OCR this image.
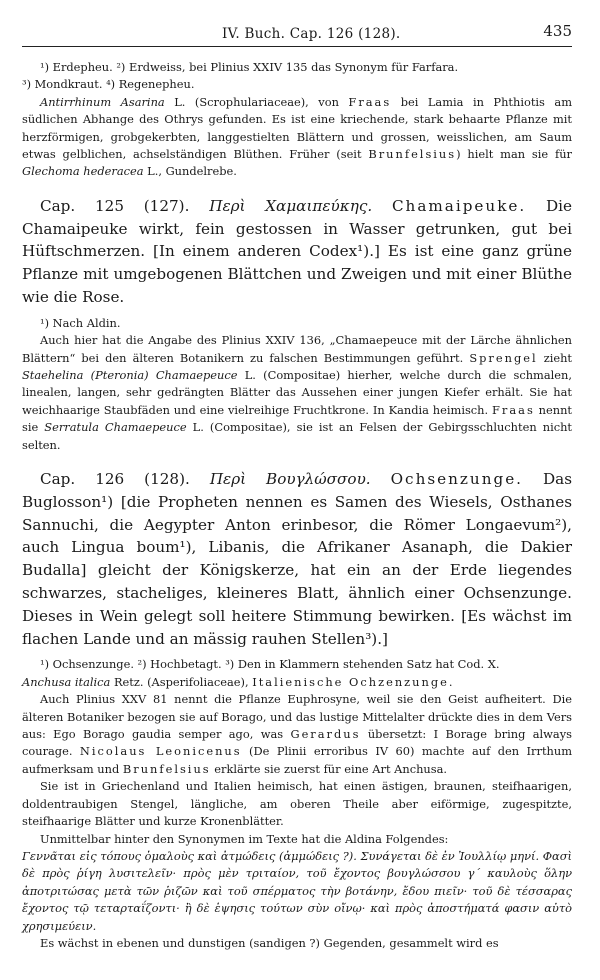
IV. Buch. Cap. 126 (128).	435

¹) Erdepheu. ²) Erdweiss, bei Plinius XXIV 135 das Synonym für Farfara.

³) Mondkraut. ⁴) Regenepheu.

Antirrhinum Asarina L. (Scrophulariaceae), von Fraas bei Lamia in Phthiotis am südlichen Abhange des Othrys gefunden. Es ist eine kriechende, stark behaarte Pflanze mit herzförmigen, grobgekerbten, langgestielten Blättern und grossen, weisslichen, am Saum etwas gelblichen, achselständigen Blüthen. Früher (seit Brunfelsius) hielt man sie für Glechoma hederacea L., Gundelrebe.

Cap. 125 (127). Περὶ Χαμαιπεύκης. Chamaipeuke. Die Chamaipeuke wirkt, fein gestossen in Wasser getrunken, gut bei Hüftschmerzen. [In einem anderen Codex¹).] Es ist eine ganz grüne Pflanze mit umgebogenen Blättchen und Zweigen und mit einer Blüthe wie die Rose.

¹) Nach Aldin.

Auch hier hat die Angabe des Plinius XXIV 136, „Chamaepeuce mit der Lärche ähnlichen Blättern“ bei den älteren Botanikern zu falschen Bestimmungen geführt. Sprengel zieht Staehelina (Pteronia) Chamaepeuce L. (Compositae) hierher, welche durch die schmalen, linealen, langen, sehr gedrängten Blätter das Aussehen einer jungen Kiefer erhält. Sie hat weichhaarige Staubfäden und eine vielreihige Fruchtkrone. In Kandia heimisch. Fraas nennt sie Serratula Chamaepeuce L. (Compositae), sie ist an Felsen der Gebirgsschluchten nicht selten.

Cap. 126 (128). Περὶ Βουγλώσσου. Ochsenzunge. Das Buglosson¹) [die Propheten nennen es Samen des Wiesels, Osthanes Sannuchi, die Aegypter Anton erinbesor, die Römer Longaevum²), auch Lingua boum¹), Libanis, die Afrikaner Asanaph, die Dakier Budalla] gleicht der Königskerze, hat ein an der Erde liegendes schwarzes, stacheliges, kleineres Blatt, ähnlich einer Ochsenzunge. Dieses in Wein gelegt soll heitere Stimmung bewirken. [Es wächst im flachen Lande und an mässig rauhen Stellen³).]

¹) Ochsenzunge. ²) Hochbetagt. ³) Den in Klammern stehenden Satz hat Cod. X.

Anchusa italica Retz. (Asperifoliaceae), Italienische Ochzenzunge.

Auch Plinius XXV 81 nennt die Pflanze Euphrosyne, weil sie den Geist aufheitert. Die älteren Botaniker bezogen sie auf Borago, und das lustige Mittelalter drückte dies in dem Vers aus: Ego Borago gaudia semper ago, was Gerardus übersetzt: I Borage bring always courage. Nicolaus Leonicenus (De Plinii erroribus IV 60) machte auf den Irrthum aufmerksam und Brunfelsius erklärte sie zuerst für eine Art Anchusa.

Sie ist in Griechenland und Italien heimisch, hat einen ästigen, braunen, steifhaarigen, doldentraubigen Stengel, längliche, am oberen Theile aber eiförmige, zugespitzte, steifhaarige Blätter und kurze Kronenblätter.

Unmittelbar hinter den Synonymen im Texte hat die Aldina Folgendes:

Γεννᾶται εἰς τόπους ὁμαλοὺς καὶ ἀτμώδεις (ἀμμώδεις ?). Συνάγεται δὲ ἐν Ἰουλλίῳ μηνί. Φασὶ δὲ πρὸς ῥίγη λυσιτελεῖν· πρὸς μὲν τριταίον, τοῦ ἔχοντος βουγλώσσου γ΄ καυλοὺς ὅλην ἀποτριτώσας μετὰ τῶν ῥιζῶν καὶ τοῦ σπέρματος τὴν βοτάνην, ἔδου πιεῖν· τοῦ δὲ τέσσαρας ἔχοντος τῷ τεταρταΐζοντι· ἢ δὲ ἑψησις τούτων σὺν οἴνῳ· καὶ πρὸς ἀποστήματά φασιν αὐτὸ χρησιμεύειν.

Es wächst in ebenen und dunstigen (sandigen ?) Gegenden, gesammelt wird es
